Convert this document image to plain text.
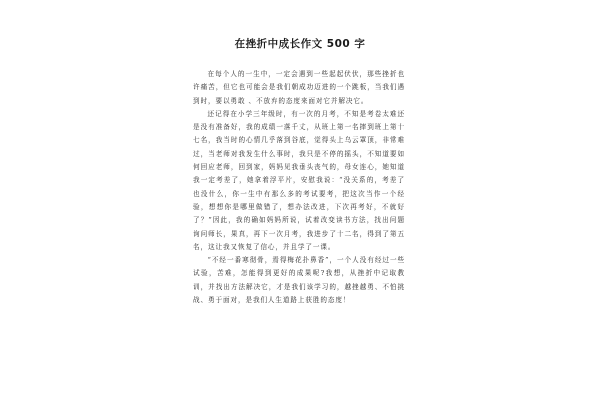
在挫折中成长作文 500 字

在每个人的一生中，一定会遇到一些起起伏伏，那些挫折也许痛苦，但它也可能会是我们朝成功迈进的一个跳板，当我们遇到时，要以勇敢 、不放弃的态度来面对它并解决它。

还记得在小学三年级时，有一次的月考，不知是考卷太难还是没有准备好，我的成绩一落千丈，从班上第一名摔到班上第十七名，我当时的心情几乎落到谷底，觉得头上乌云罩顶，非常难过，当老师对我发生什么事时，我只是不停的摇头，不知道要如何回应老师，回到家，妈妈见我垂头丧气的，母女连心，她知道我一定考差了，她拿着浮平片，安慰我说：“没关系的，考差了也没什么，你一生中有那么多的考试要考，把这次当作一个经验，想想你是哪里做错了，想办法改进，下次再考好，不就好了？”因此，我的确如妈妈所说，试着改变读书方法，找出问题询问师长，果真，再下一次月考，我进步了十二名，得到了第五名，这让我又恢复了信心，并且学了一课。

“不经一番寒彻骨，焉得梅花扑鼻香”，一个人没有经过一些试验，苦难，怎能得到更好的成果呢?我想，从挫折中记取教训，并找出方法解决它，才是我们该学习的，越挫越勇、不怕挑战、勇于面对，是我们人生道路上获胜的态度！
